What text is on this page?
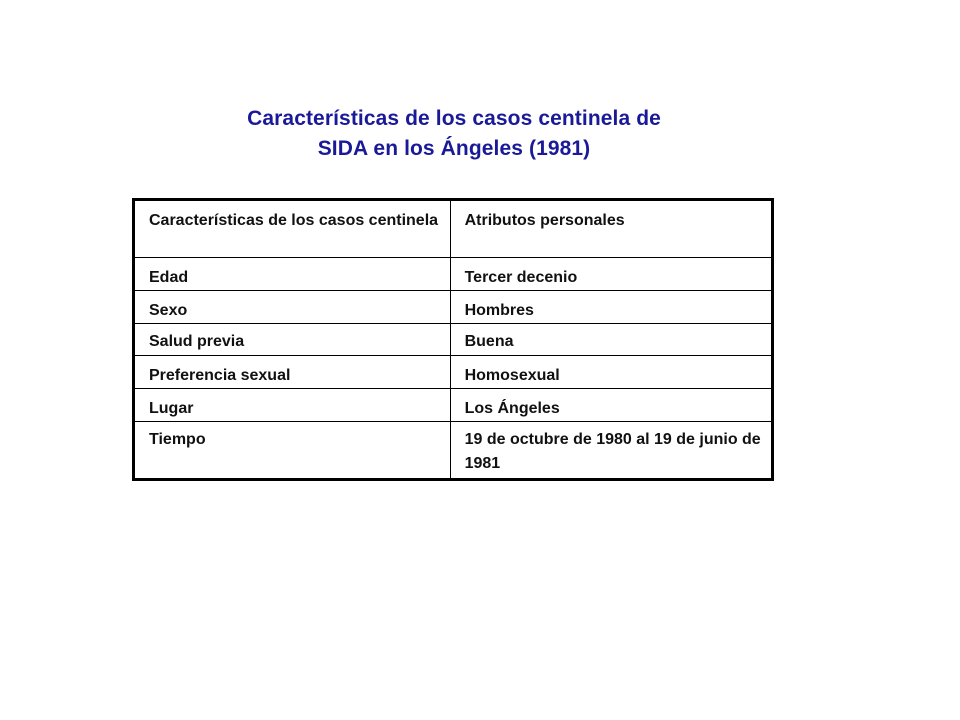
Características de los casos centinela de
SIDA en los Ángeles (1981)
Características de los casos centinela	Atributos personales
Edad	Tercer decenio
Sexo	Hombres
Salud previa	Buena
Preferencia sexual	Homosexual
Lugar	Los Ángeles
Tiempo	19 de octubre de 1980 al 19 de junio de 1981
